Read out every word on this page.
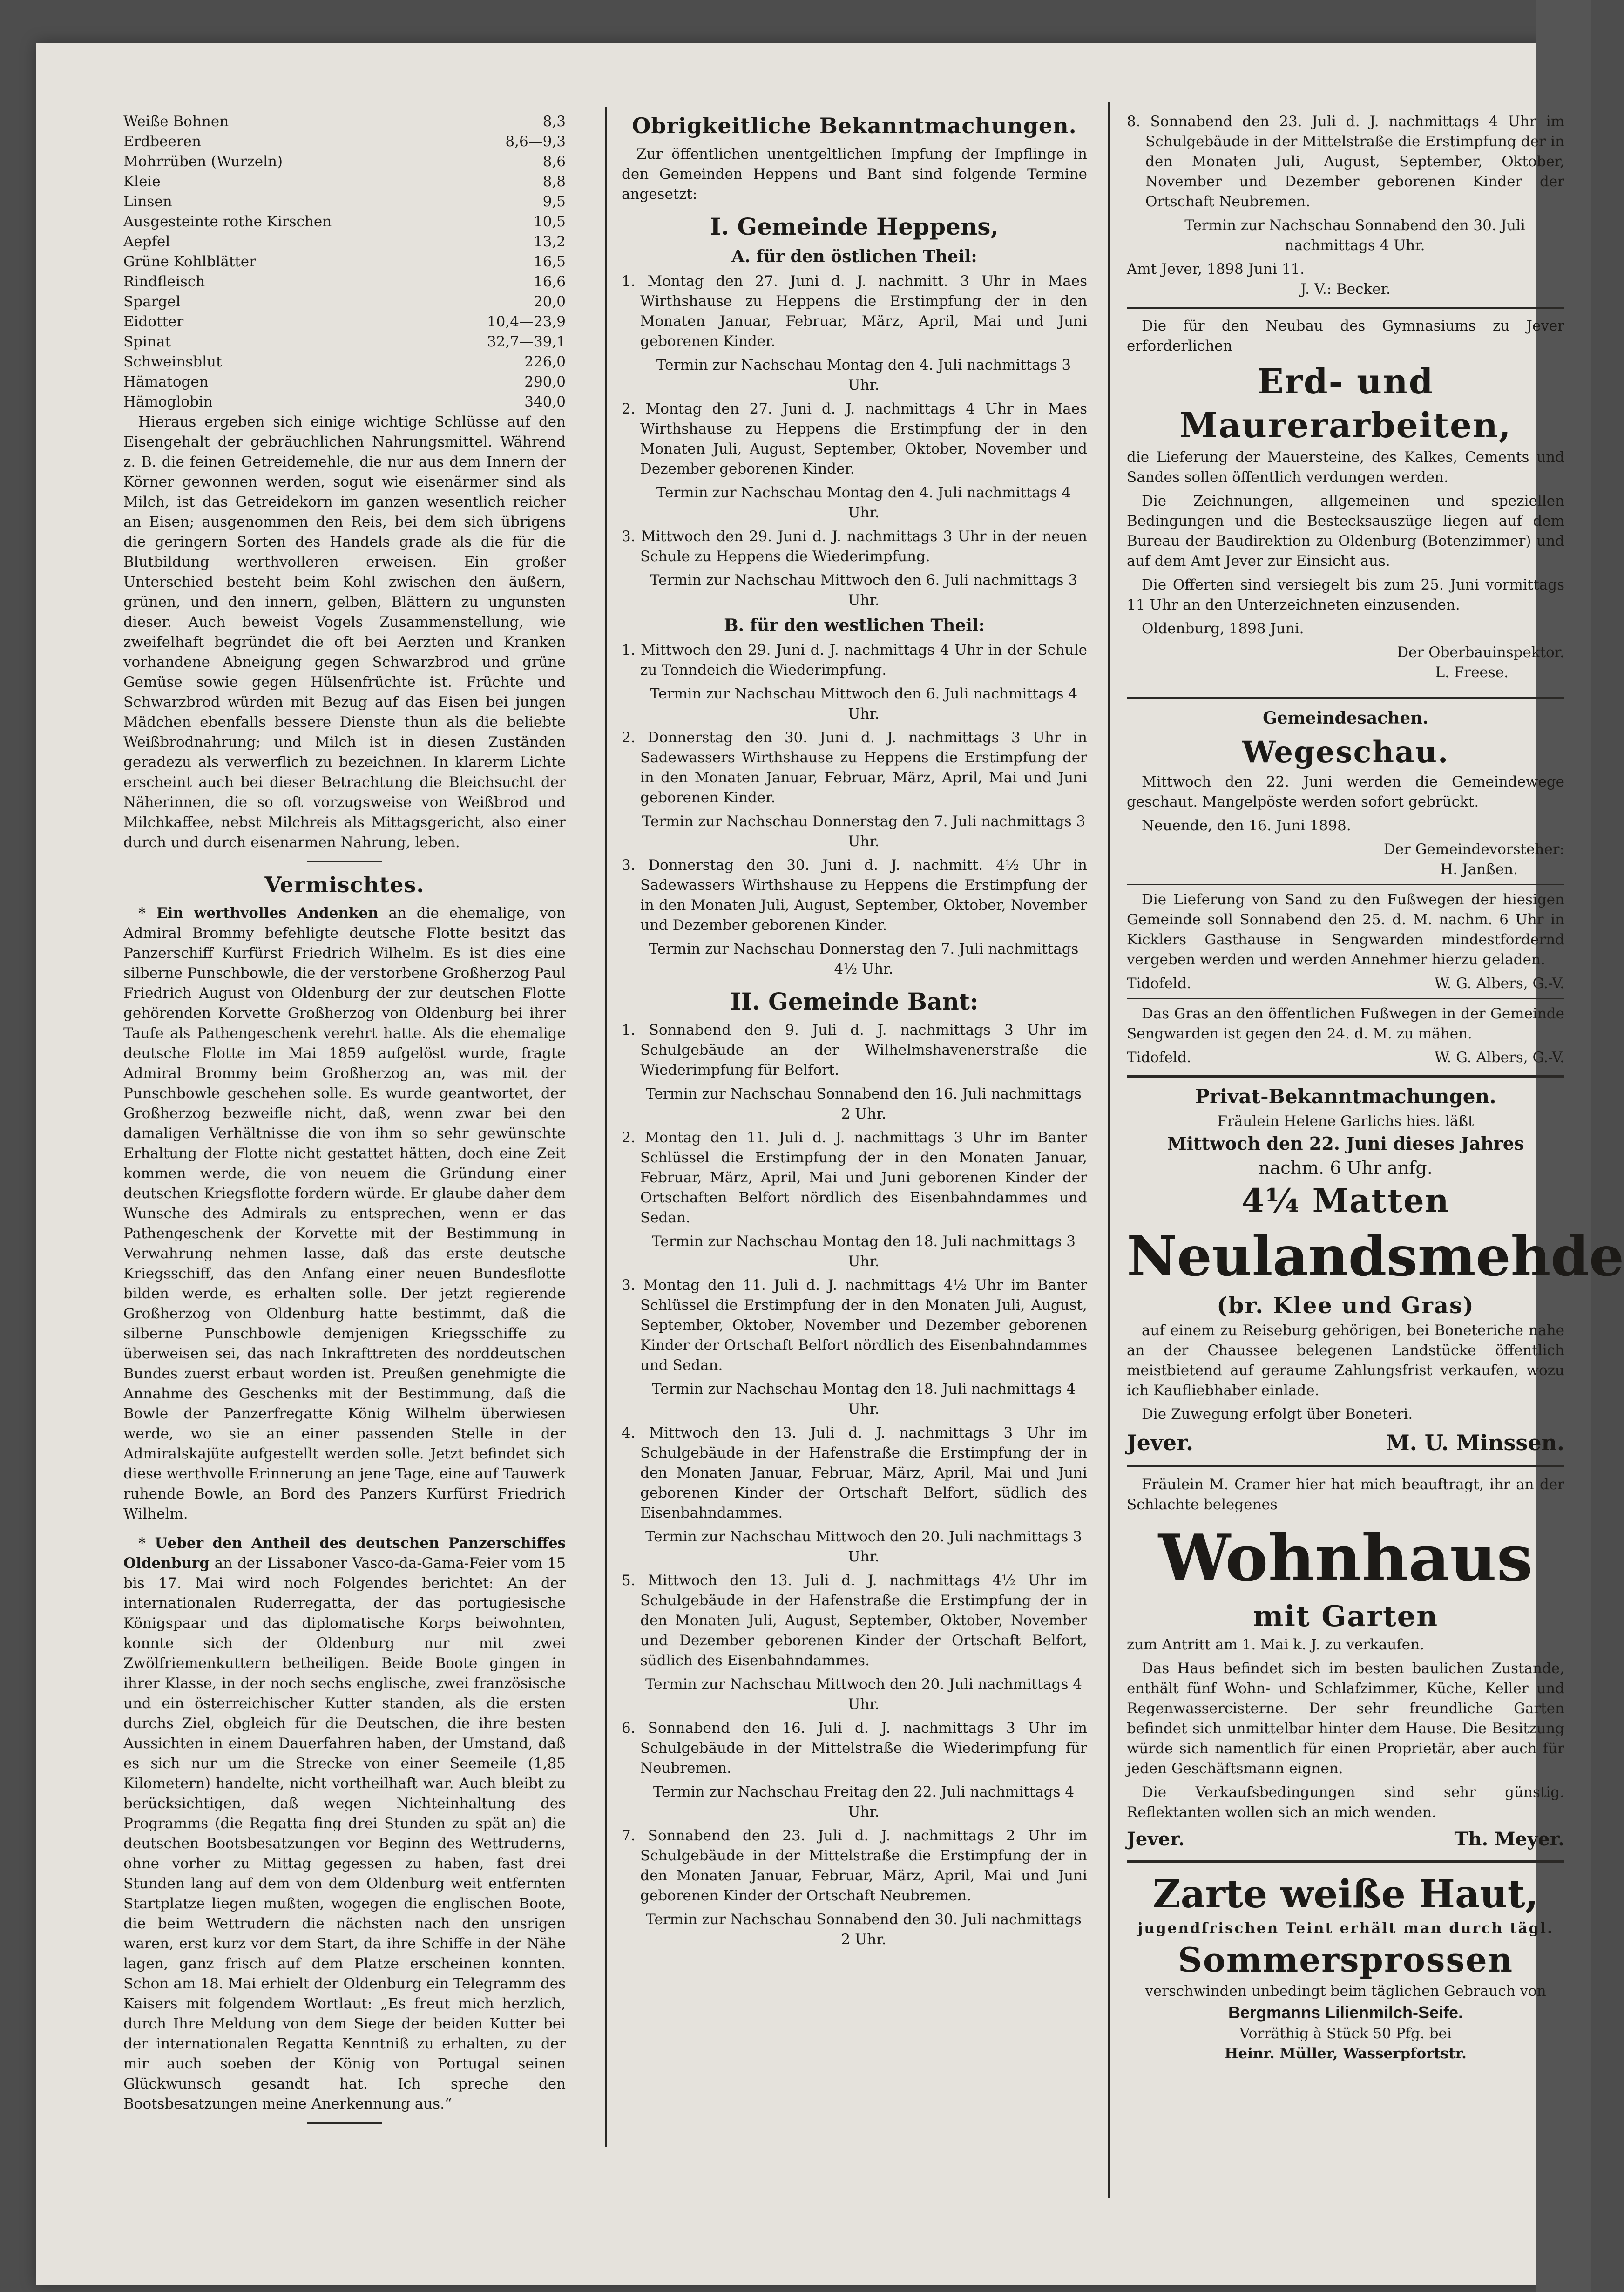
Weiße Bohnen	8,3
Erdbeeren	8,6—9,3
Mohrrüben (Wurzeln)	8,6
Kleie	8,8
Linsen	9,5
Ausgesteinte rothe Kirschen	10,5
Aepfel	13,2
Grüne Kohlblätter	16,5
Rindfleisch	16,6
Spargel	20,0
Eidotter	10,4—23,9
Spinat	32,7—39,1
Schweinsblut	226,0
Hämatogen	290,0
Hämoglobin	340,0

Hieraus ergeben sich einige wichtige Schlüsse auf den Eisengehalt der gebräuchlichen Nahrungsmittel. Während z. B. die feinen Getreidemehle, die nur aus dem Innern der Körner gewonnen werden, sogut wie eisenärmer sind als Milch, ist das Getreidekorn im ganzen wesentlich reicher an Eisen; ausgenommen den Reis, bei dem sich übrigens die geringern Sorten des Handels grade als die für die Blutbildung werthvolleren erweisen. Ein großer Unterschied besteht beim Kohl zwischen den äußern, grünen, und den innern, gelben, Blättern zu ungunsten dieser. Auch beweist Vogels Zusammenstellung, wie zweifelhaft begründet die oft bei Aerzten und Kranken vorhandene Abneigung gegen Schwarzbrod und grüne Gemüse sowie gegen Hülsenfrüchte ist. Früchte und Schwarzbrod würden mit Bezug auf das Eisen bei jungen Mädchen ebenfalls bessere Dienste thun als die beliebte Weißbrodnahrung; und Milch ist in diesen Zuständen geradezu als verwerflich zu bezeichnen. In klarerm Lichte erscheint auch bei dieser Betrachtung die Bleichsucht der Näherinnen, die so oft vorzugsweise von Weißbrod und Milchkaffee, nebst Milchreis als Mittagsgericht, also einer durch und durch eisenarmen Nahrung, leben.

Vermischtes.

* Ein werthvolles Andenken an die ehemalige, von Admiral Brommy befehligte deutsche Flotte besitzt das Panzerschiff Kurfürst Friedrich Wilhelm. Es ist dies eine silberne Punschbowle, die der verstorbene Großherzog Paul Friedrich August von Oldenburg der zur deutschen Flotte gehörenden Korvette Großherzog von Oldenburg bei ihrer Taufe als Pathengeschenk verehrt hatte. Als die ehemalige deutsche Flotte im Mai 1859 aufgelöst wurde, fragte Admiral Brommy beim Großherzog an, was mit der Punschbowle geschehen solle. Es wurde geantwortet, der Großherzog bezweifle nicht, daß, wenn zwar bei den damaligen Verhältnisse die von ihm so sehr gewünschte Erhaltung der Flotte nicht gestattet hätten, doch eine Zeit kommen werde, die von neuem die Gründung einer deutschen Kriegsflotte fordern würde. Er glaube daher dem Wunsche des Admirals zu entsprechen, wenn er das Pathengeschenk der Korvette mit der Bestimmung in Verwahrung nehmen lasse, daß das erste deutsche Kriegsschiff, das den Anfang einer neuen Bundesflotte bilden werde, es erhalten solle. Der jetzt regierende Großherzog von Oldenburg hatte bestimmt, daß die silberne Punschbowle demjenigen Kriegsschiffe zu überweisen sei, das nach Inkrafttreten des norddeutschen Bundes zuerst erbaut worden ist. Preußen genehmigte die Annahme des Geschenks mit der Bestimmung, daß die Bowle der Panzerfregatte König Wilhelm überwiesen werde, wo sie an einer passenden Stelle in der Admiralskajüte aufgestellt werden solle. Jetzt befindet sich diese werthvolle Erinnerung an jene Tage, eine auf Tauwerk ruhende Bowle, an Bord des Panzers Kurfürst Friedrich Wilhelm.

* Ueber den Antheil des deutschen Panzerschiffes Oldenburg an der Lissaboner Vasco-da-Gama-Feier vom 15 bis 17. Mai wird noch Folgendes berichtet: An der internationalen Ruderregatta, der das portugiesische Königspaar und das diplomatische Korps beiwohnten, konnte sich der Oldenburg nur mit zwei Zwölfriemenkuttern betheiligen. Beide Boote gingen in ihrer Klasse, in der noch sechs englische, zwei französische und ein österreichischer Kutter standen, als die ersten durchs Ziel, obgleich für die Deutschen, die ihre besten Aussichten in einem Dauerfahren haben, der Umstand, daß es sich nur um die Strecke von einer Seemeile (1,85 Kilometern) handelte, nicht vortheilhaft war. Auch bleibt zu berücksichtigen, daß wegen Nichteinhaltung des Programms (die Regatta fing drei Stunden zu spät an) die deutschen Bootsbesatzungen vor Beginn des Wettruderns, ohne vorher zu Mittag gegessen zu haben, fast drei Stunden lang auf dem von dem Oldenburg weit entfernten Startplatze liegen mußten, wogegen die englischen Boote, die beim Wettrudern die nächsten nach den unsrigen waren, erst kurz vor dem Start, da ihre Schiffe in der Nähe lagen, ganz frisch auf dem Platze erscheinen konnten. Schon am 18. Mai erhielt der Oldenburg ein Telegramm des Kaisers mit folgendem Wortlaut: „Es freut mich herzlich, durch Ihre Meldung von dem Siege der beiden Kutter bei der internationalen Regatta Kenntniß zu erhalten, zu der mir auch soeben der König von Portugal seinen Glückwunsch gesandt hat. Ich spreche den Bootsbesatzungen meine Anerkennung aus.“

Obrigkeitliche Bekanntmachungen.

Zur öffentlichen unentgeltlichen Impfung der Impflinge in den Gemeinden Heppens und Bant sind folgende Termine angesetzt:

I. Gemeinde Heppens,
A. für den östlichen Theil:

1. Montag den 27. Juni d. J. nachmitt. 3 Uhr in Maes Wirthshause zu Heppens die Erstimpfung der in den Monaten Januar, Februar, März, April, Mai und Juni geborenen Kinder.

Termin zur Nachschau Montag den 4. Juli nachmittags 3 Uhr.

2. Montag den 27. Juni d. J. nachmittags 4 Uhr in Maes Wirthshause zu Heppens die Erstimpfung der in den Monaten Juli, August, September, Oktober, November und Dezember geborenen Kinder.

Termin zur Nachschau Montag den 4. Juli nachmittags 4 Uhr.

3. Mittwoch den 29. Juni d. J. nachmittags 3 Uhr in der neuen Schule zu Heppens die Wiederimpfung.

Termin zur Nachschau Mittwoch den 6. Juli nachmittags 3 Uhr.

B. für den westlichen Theil:

1. Mittwoch den 29. Juni d. J. nachmittags 4 Uhr in der Schule zu Tonndeich die Wiederimpfung.

Termin zur Nachschau Mittwoch den 6. Juli nachmittags 4 Uhr.

2. Donnerstag den 30. Juni d. J. nachmittags 3 Uhr in Sadewassers Wirthshause zu Heppens die Erstimpfung der in den Monaten Januar, Februar, März, April, Mai und Juni geborenen Kinder.

Termin zur Nachschau Donnerstag den 7. Juli nachmittags 3 Uhr.

3. Donnerstag den 30. Juni d. J. nachmitt. 4½ Uhr in Sadewassers Wirthshause zu Heppens die Erstimpfung der in den Monaten Juli, August, September, Oktober, November und Dezember geborenen Kinder.

Termin zur Nachschau Donnerstag den 7. Juli nachmittags 4½ Uhr.

II. Gemeinde Bant:

1. Sonnabend den 9. Juli d. J. nachmittags 3 Uhr im Schulgebäude an der Wilhelmshavenerstraße die Wiederimpfung für Belfort.

Termin zur Nachschau Sonnabend den 16. Juli nachmittags 2 Uhr.

2. Montag den 11. Juli d. J. nachmittags 3 Uhr im Banter Schlüssel die Erstimpfung der in den Monaten Januar, Februar, März, April, Mai und Juni geborenen Kinder der Ortschaften Belfort nördlich des Eisenbahndammes und Sedan.

Termin zur Nachschau Montag den 18. Juli nachmittags 3 Uhr.

3. Montag den 11. Juli d. J. nachmittags 4½ Uhr im Banter Schlüssel die Erstimpfung der in den Monaten Juli, August, September, Oktober, November und Dezember geborenen Kinder der Ortschaft Belfort nördlich des Eisenbahndammes und Sedan.

Termin zur Nachschau Montag den 18. Juli nachmittags 4 Uhr.

4. Mittwoch den 13. Juli d. J. nachmittags 3 Uhr im Schulgebäude in der Hafenstraße die Erstimpfung der in den Monaten Januar, Februar, März, April, Mai und Juni geborenen Kinder der Ortschaft Belfort, südlich des Eisenbahndammes.

Termin zur Nachschau Mittwoch den 20. Juli nachmittags 3 Uhr.

5. Mittwoch den 13. Juli d. J. nachmittags 4½ Uhr im Schulgebäude in der Hafenstraße die Erstimpfung der in den Monaten Juli, August, September, Oktober, November und Dezember geborenen Kinder der Ortschaft Belfort, südlich des Eisenbahndammes.

Termin zur Nachschau Mittwoch den 20. Juli nachmittags 4 Uhr.

6. Sonnabend den 16. Juli d. J. nachmittags 3 Uhr im Schulgebäude in der Mittelstraße die Wiederimpfung für Neubremen.

Termin zur Nachschau Freitag den 22. Juli nachmittags 4 Uhr.

7. Sonnabend den 23. Juli d. J. nachmittags 2 Uhr im Schulgebäude in der Mittelstraße die Erstimpfung der in den Monaten Januar, Februar, März, April, Mai und Juni geborenen Kinder der Ortschaft Neubremen.

Termin zur Nachschau Sonnabend den 30. Juli nachmittags 2 Uhr.

8. Sonnabend den 23. Juli d. J. nachmittags 4 Uhr im Schulgebäude in der Mittelstraße die Erstimpfung der in den Monaten Juli, August, September, Oktober, November und Dezember geborenen Kinder der Ortschaft Neubremen.

Termin zur Nachschau Sonnabend den 30. Juli nachmittags 4 Uhr.

Amt Jever, 1898 Juni 11.
J. V.: Becker.

Die für den Neubau des Gymnasiums zu Jever erforderlichen

Erd- und Maurerarbeiten,

die Lieferung der Mauersteine, des Kalkes, Cements und Sandes sollen öffentlich verdungen werden.

Die Zeichnungen, allgemeinen und speziellen Bedingungen und die Bestecksauszüge liegen auf dem Bureau der Baudirektion zu Oldenburg (Botenzimmer) und auf dem Amt Jever zur Einsicht aus.

Die Offerten sind versiegelt bis zum 25. Juni vormittags 11 Uhr an den Unterzeichneten einzusenden.

Oldenburg, 1898 Juni.

Der Oberbauinspektor.
L. Freese.
Gemeindesachen.
Wegeschau.

Mittwoch den 22. Juni werden die Gemeindewege geschaut. Mangelpöste werden sofort gebrückt.

Neuende, den 16. Juni 1898.

Der Gemeindevorsteher:
H. Janßen.

Die Lieferung von Sand zu den Fußwegen der hiesigen Gemeinde soll Sonnabend den 25. d. M. nachm. 6 Uhr in Kicklers Gasthause in Sengwarden mindestfordernd vergeben werden und werden Annehmer hierzu geladen.

Tidofeld.	W. G. Albers, G.-V.

Das Gras an den öffentlichen Fußwegen in der Gemeinde Sengwarden ist gegen den 24. d. M. zu mähen.

Tidofeld.	W. G. Albers, G.-V.
Privat-Bekanntmachungen.
Fräulein Helene Garlichs hies. läßt
Mittwoch den 22. Juni dieses Jahres
nachm. 6 Uhr anfg.
4¼ Matten
Neulandsmehde
(br. Klee und Gras)

auf einem zu Reiseburg gehörigen, bei Boneteriche nahe an der Chaussee belegenen Landstücke öffentlich meistbietend auf geraume Zahlungsfrist verkaufen, wozu ich Kaufliebhaber einlade.

Die Zuwegung erfolgt über Boneteri.

Jever.	M. U. Minssen.

Fräulein M. Cramer hier hat mich beauftragt, ihr an der Schlachte belegenes

Wohnhaus
mit Garten

zum Antritt am 1. Mai k. J. zu verkaufen.

Das Haus befindet sich im besten baulichen Zustande, enthält fünf Wohn- und Schlafzimmer, Küche, Keller und Regenwassercisterne. Der sehr freundliche Garten befindet sich unmittelbar hinter dem Hause. Die Besitzung würde sich namentlich für einen Proprietär, aber auch für jeden Geschäftsmann eignen.

Die Verkaufsbedingungen sind sehr günstig. Reflektanten wollen sich an mich wenden.

Jever.	Th. Meyer.
Zarte weiße Haut,
jugendfrischen Teint erhält man durch tägl.
Sommersprossen
verschwinden unbedingt beim täglichen Gebrauch von
Bergmanns Lilienmilch-Seife.
Vorräthig à Stück 50 Pfg. bei
Heinr. Müller, Wasserpfortstr.
